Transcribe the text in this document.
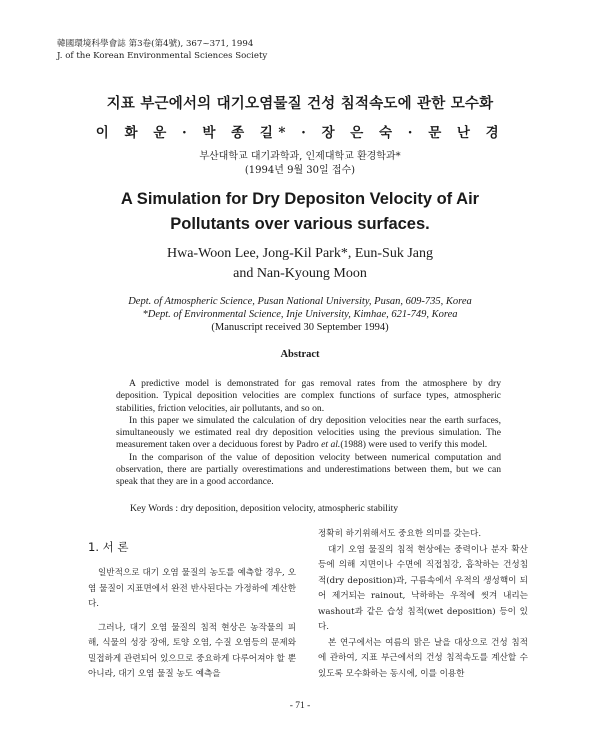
韓國環境科學會誌 第3卷(第4號), 367~371, 1994
J. of the Korean Environmental Sciences Society
지표 부근에서의 대기오염물질 건성 침적속도에 관한 모수화
이 화 운 · 박 종 길* · 장 은 숙 · 문 난 경
부산대학교 대기과학과, 인제대학교 환경학과*
(1994년 9월 30일 접수)
A Simulation for Dry Depositon Velocity of Air
Pollutants over various surfaces.
Hwa-Woon Lee, Jong-Kil Park*, Eun-Suk Jang
and Nan-Kyoung Moon
Dept. of Atmospheric Science, Pusan National University, Pusan, 609-735, Korea
*Dept. of Environmental Science, Inje University, Kimhae, 621-749, Korea
(Manuscript received 30 September 1994)
Abstract

A predictive model is demonstrated for gas removal rates from the atmosphere by dry deposition. Typical deposition velocities are complex functions of surface types, atmospheric stabilities, friction velocities, air pollutants, and so on.

In this paper we simulated the calculation of dry deposition velocities near the earth surfaces, simultaneously we estimated real dry deposition velocities using the previous simulation. The measurement taken over a deciduous forest by Padro et al.(1988) were used to verify this model.

In the comparison of the value of deposition velocity between numerical computation and observation, there are partially overestimations and underestimations between them, but we can speak that they are in a good accordance.

Key Words : dry deposition, deposition velocity, atmospheric stability
1. 서 론

일반적으로 대기 오염 물질의 농도를 예측할 경우, 오염 물질이 지표면에서 완전 반사된다는 가정하에 계산한다.

그러나, 대기 오염 물질의 침적 현상은 농작물의 피해, 식물의 성장 장애, 토양 오염, 수질 오염등의 문제와 밀접하게 관련되어 있으므로 중요하게 다루어져야 할 뿐아니라, 대기 오염 물질 농도 예측을

정확히 하기위해서도 중요한 의미를 갖는다.

대기 오염 물질의 침적 현상에는 중력이나 분자 확산 등에 의해 지면이나 수면에 직접침강, 흡착하는 건성침적(dry deposition)과, 구름속에서 우적의 생성핵이 되어 제거되는 rainout, 낙하하는 우적에 씻겨 내리는 washout과 같은 습성 침적(wet deposition) 등이 있다.

본 연구에서는 여름의 맑은 날을 대상으로 건성 침적에 관하여, 지표 부근에서의 건성 침적속도를 계산할 수 있도록 모수화하는 동시에, 이를 이용한

- 71 -
